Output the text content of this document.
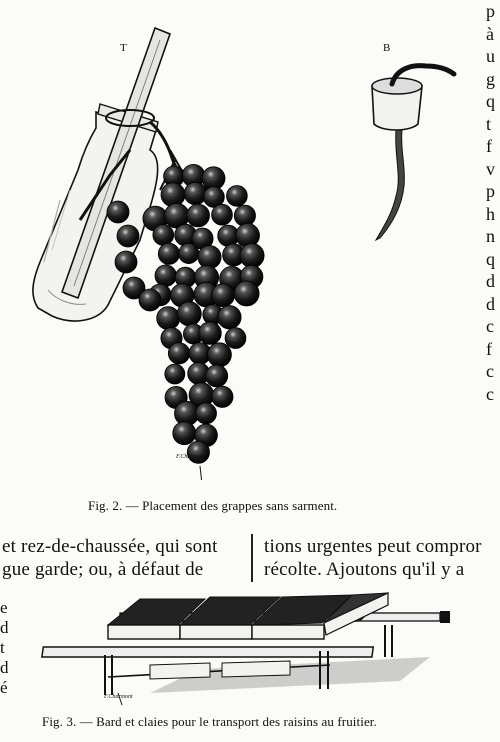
p
à
u
g
q
t
f
v
p
h
n
q
d
d
c
f
c
c
T	B
F.Charmont
Fig. 2. — Placement des grappes sans sarment.
et rez-de-chaussée, qui sont
gue garde; ou, à défaut de
tions urgentes peut compror
récolte. Ajoutons qu'il y a
e
d
t
d
é	F.Charmont
Fig. 3. — Bard et claies pour le transport des raisins au fruitier.
